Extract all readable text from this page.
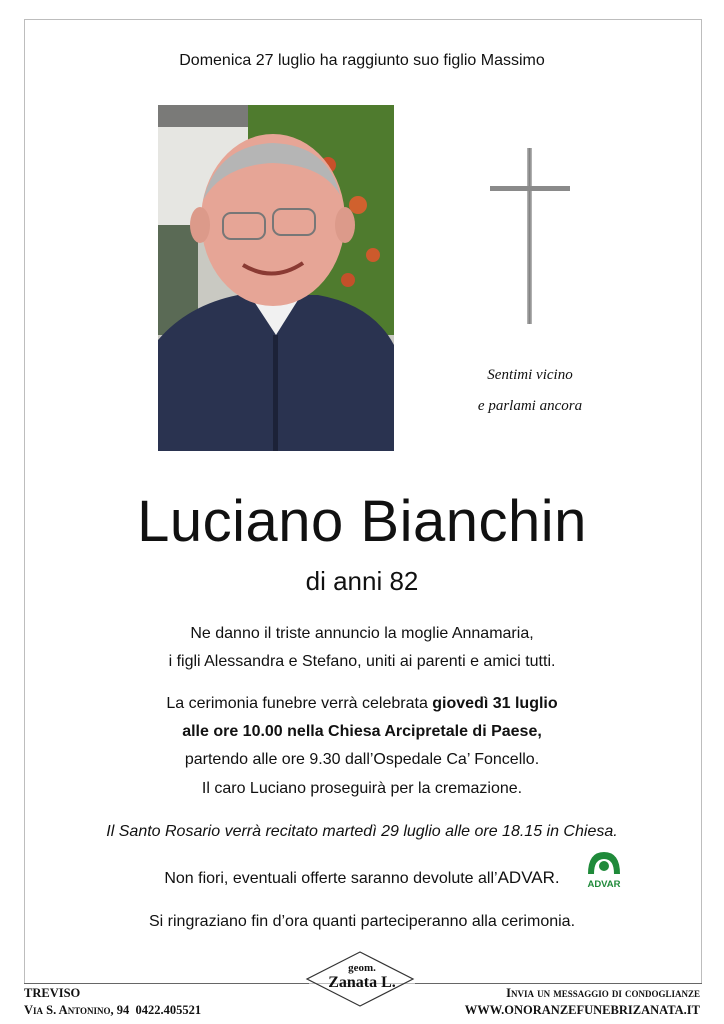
Domenica 27 luglio ha raggiunto suo figlio Massimo
Sentimi vicino
e parlami ancora
Luciano Bianchin
di anni 82
Ne danno il triste annuncio la moglie Annamaria,
i figli Alessandra e Stefano, uniti ai parenti e amici tutti.
La cerimonia funebre verrà celebrata giovedì 31 luglio
alle ore 10.00 nella Chiesa Arcipretale di Paese,
partendo alle ore 9.30 dall’Ospedale Ca’ Foncello.
Il caro Luciano proseguirà per la cremazione.
Il Santo Rosario verrà recitato martedì 29 luglio alle ore 18.15 in Chiesa.
Non fiori, eventuali offerte saranno devolute all’ADVAR.	ADVAR
Si ringraziano fin d’ora quanti parteciperanno alla cerimonia.
TREVISO
Via S. Antonino, 94 0422.405521
geom.
Zanata L.
Invia un messaggio di condoglianze
WWW.ONORANZEFUNEBRIZANATA.IT
